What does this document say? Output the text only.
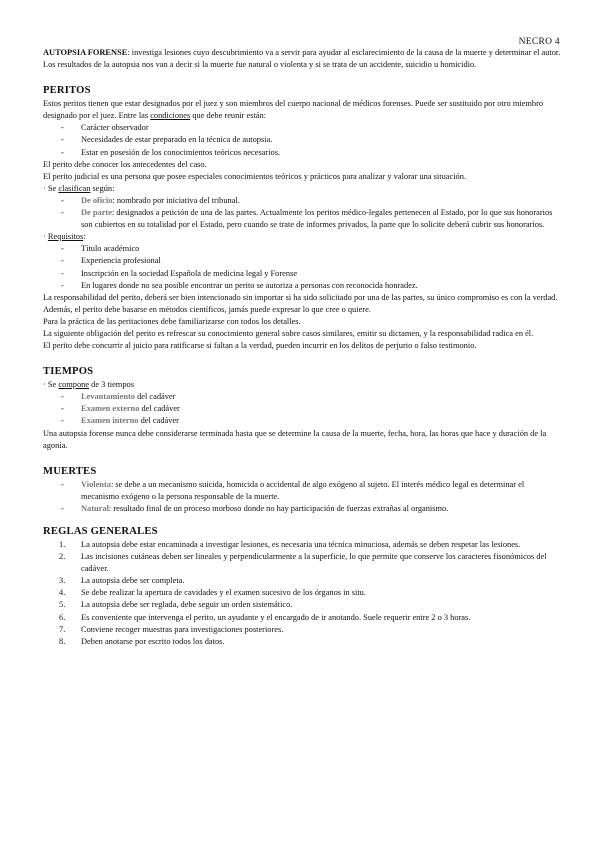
NECRO 4

AUTOPSIA FORENSE: investiga lesiones cuyo descubrimiento va a servir para ayudar al esclarecimiento de la causa de la muerte y determinar el autor. Los resultados de la autopsia nos van a decir si la muerte fue natural o violenta y si se trata de un accidente, suicidio u homicidio.

PERITOS

Estos peritos tienen que estar designados por el juez y son miembros del cuerpo nacional de médicos forenses. Puede ser sustituido por otro miembro designado por el juez. Entre las condiciones que debe reunir están:

- Carácter observador
- Necesidades de estar preparado en la técnica de autopsia.
- Estar en posesión de los conocimientos teóricos necesarios.

El perito debe conocer los antecedentes del caso.

El perito judicial es una persona que posee especiales conocimientos teóricos y prácticos para analizar y valorar una situación.

· Se clasifican según:

- De oficio: nombrado por iniciativa del tribunal.
- De parte: designados a petición de una de las partes. Actualmente los peritos médico-legales pertenecen al Estado, por lo que sus honorarios son cubiertos en su totalidad por el Estado, pero cuando se trate de informes privados, la parte que lo solicite deberá cubrir sus honorarios.

· Requisitos:

- Título académico
- Experiencia profesional
- Inscripción en la sociedad Española de medicina legal y Forense
- En lugares donde no sea posible encontrar un perito se autoriza a personas con reconocida honradez.

La responsabilidad del perito, deberá ser bien intencionado sin importar si ha sido solicitado por una de las partes, su único compromiso es con la verdad.

Además, el perito debe basarse en métodos científicos, jamás puede expresar lo que cree o quiere.

Para la práctica de las peritaciones debe familiarizarse con todos los detalles.

La siguiente obligación del perito es refrescar su conocimiento general sobre casos similares, emitir su dictamen, y la responsabilidad radica en él.

El perito debe concurrir al juicio para ratificarse si faltan a la verdad, pueden incurrir en los delitos de perjurio o falso testimonio.

TIEMPOS

· Se compone de 3 tiempos

- Levantamiento del cadáver
- Examen externo del cadáver
- Examen interno del cadáver

Una autopsia forense nunca debe considerarse terminada hasta que se determine la causa de la muerte, fecha, hora, las horas que hace y duración de la agonía.

MUERTES
- Violenta: se debe a un mecanismo suicida, homicida o accidental de algo exógeno al sujeto. El interés médico legal es determinar el mecanismo exógeno o la persona responsable de la muerte.
- Natural: resultado final de un proceso morboso donde no hay participación de fuerzas extrañas al organismo.
REGLAS GENERALES
1. La autopsia debe estar encaminada a investigar lesiones, es necesaria una técnica minuciosa, además se deben respetar las lesiones.
2. Las incisiones cutáneas deben ser lineales y perpendicularmente a la superficie, lo que permite que conserve los caracteres fisonómicos del cadáver.
3. La autopsia debe ser completa.
4. Se debe realizar la apertura de cavidades y el examen sucesivo de los órganos in situ.
5. La autopsia debe ser reglada, debe seguir un orden sistemático.
6. Es conveniente que intervenga el perito, un ayudante y el encargado de ir anotando. Suele requerir entre 2 o 3 horas.
7. Conviene recoger muestras para investigaciones posteriores.
8. Deben anotarse por escrito todos los datos.
